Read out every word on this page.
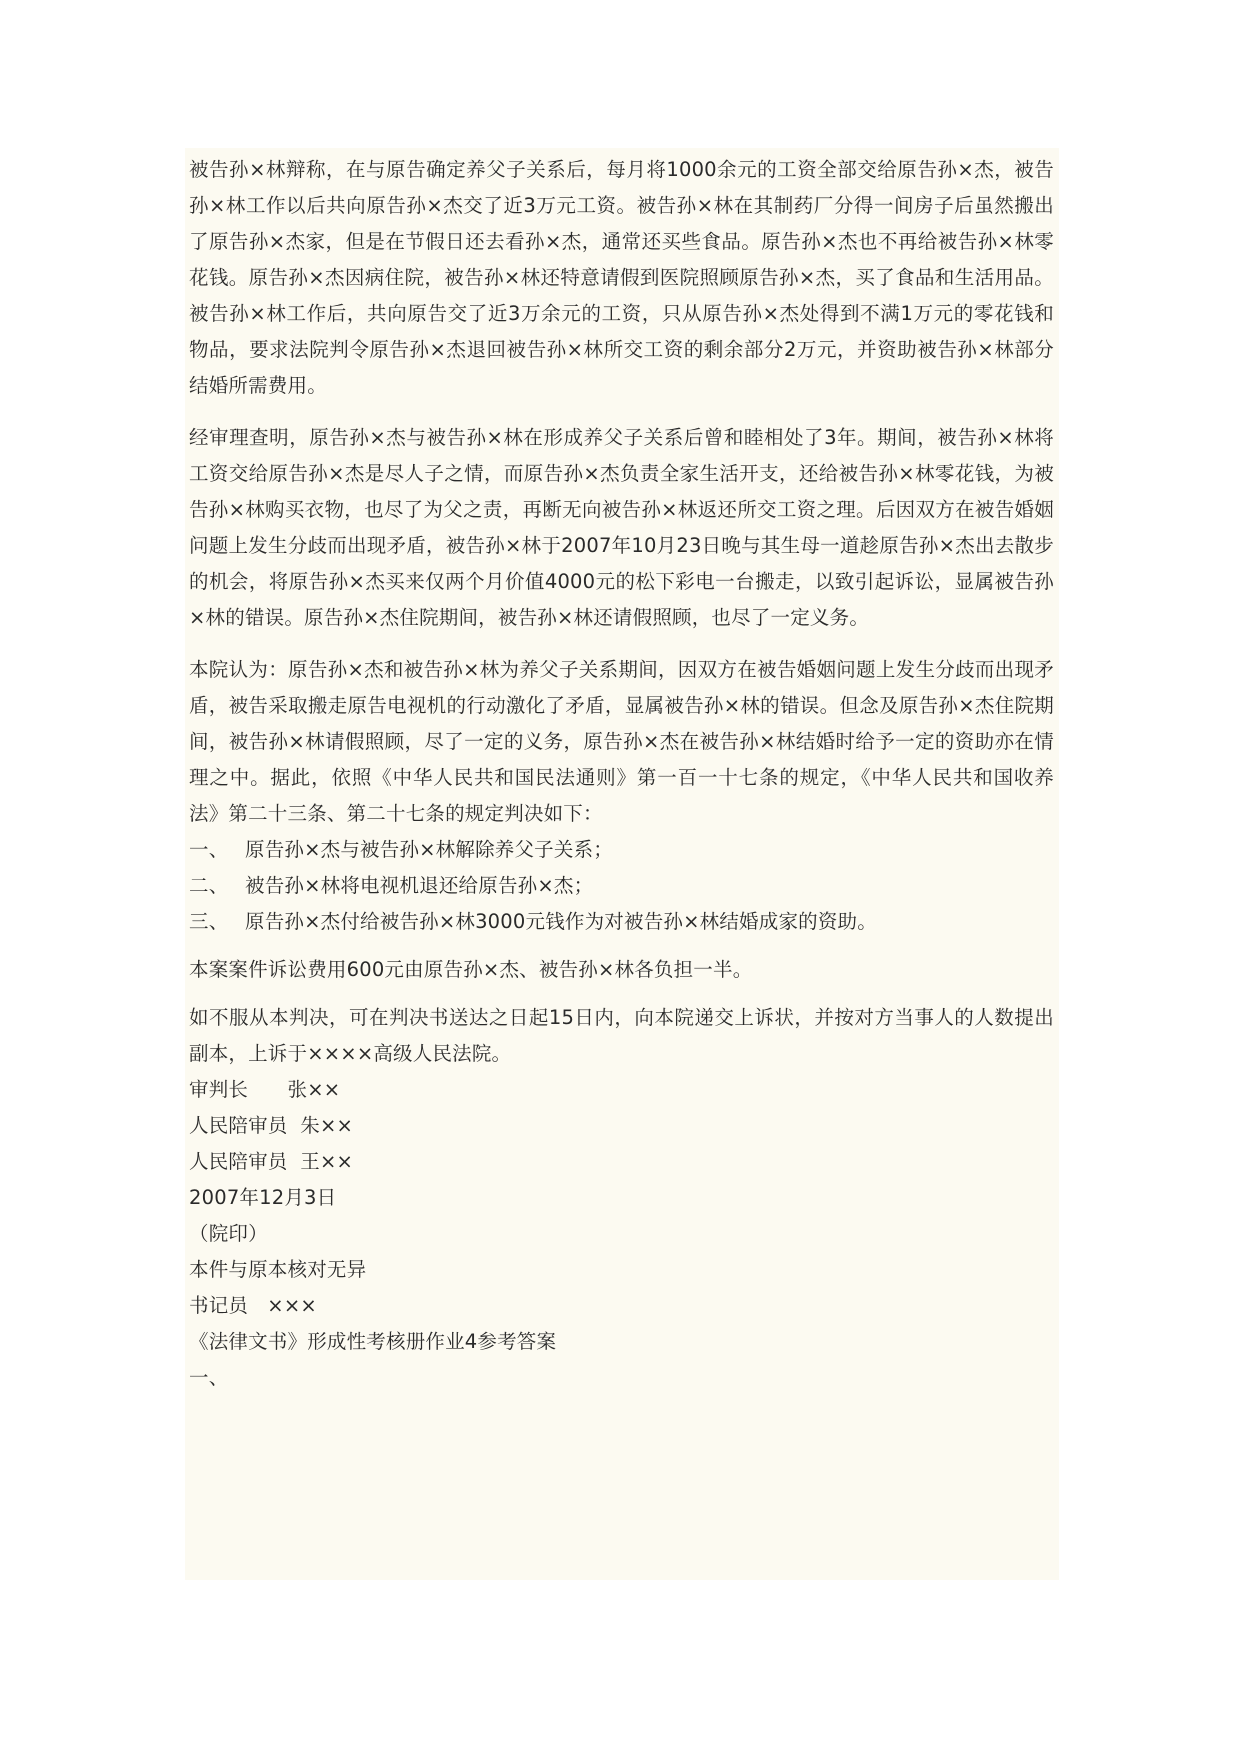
被告孙×林辩称，在与原告确定养父子关系后，每月将1000余元的工资全部交给原告孙×杰，被告孙×林工作以后共向原告孙×杰交了近3万元工资。被告孙×林在其制药厂分得一间房子后虽然搬出了原告孙×杰家，但是在节假日还去看孙×杰，通常还买些食品。原告孙×杰也不再给被告孙×林零花钱。原告孙×杰因病住院，被告孙×林还特意请假到医院照顾原告孙×杰，买了食品和生活用品。被告孙×林工作后，共向原告交了近3万余元的工资，只从原告孙×杰处得到不满1万元的零花钱和物品，要求法院判令原告孙×杰退回被告孙×林所交工资的剩余部分2万元，并资助被告孙×林部分结婚所需费用。

经审理查明，原告孙×杰与被告孙×林在形成养父子关系后曾和睦相处了3年。期间，被告孙×林将工资交给原告孙×杰是尽人子之情，而原告孙×杰负责全家生活开支，还给被告孙×林零花钱，为被告孙×林购买衣物，也尽了为父之责，再断无向被告孙×林返还所交工资之理。后因双方在被告婚姻问题上发生分歧而出现矛盾，被告孙×林于2007年10月23日晚与其生母一道趁原告孙×杰出去散步的机会，将原告孙×杰买来仅两个月价值4000元的松下彩电一台搬走，以致引起诉讼，显属被告孙×林的错误。原告孙×杰住院期间，被告孙×林还请假照顾，也尽了一定义务。

本院认为：原告孙×杰和被告孙×林为养父子关系期间，因双方在被告婚姻问题上发生分歧而出现矛盾，被告采取搬走原告电视机的行动激化了矛盾，显属被告孙×林的错误。但念及原告孙×杰住院期间，被告孙×林请假照顾，尽了一定的义务，原告孙×杰在被告孙×林结婚时给予一定的资助亦在情理之中。据此，依照《中华人民共和国民法通则》第一百一十七条的规定，《中华人民共和国收养法》第二十三条、第二十七条的规定判决如下：

一、 原告孙×杰与被告孙×林解除养父子关系；

二、 被告孙×林将电视机退还给原告孙×杰；

三、 原告孙×杰付给被告孙×林3000元钱作为对被告孙×林结婚成家的资助。

本案案件诉讼费用600元由原告孙×杰、被告孙×林各负担一半。

如不服从本判决，可在判决书送达之日起15日内，向本院递交上诉状，并按对方当事人的人数提出副本，上诉于××××高级人民法院。

审判长　　张××

人民陪审员  朱××

人民陪审员  王××

2007年12月3日

（院印）

本件与原本核对无异

书记员   ×××

《法律文书》形成性考核册作业4参考答案

一、
